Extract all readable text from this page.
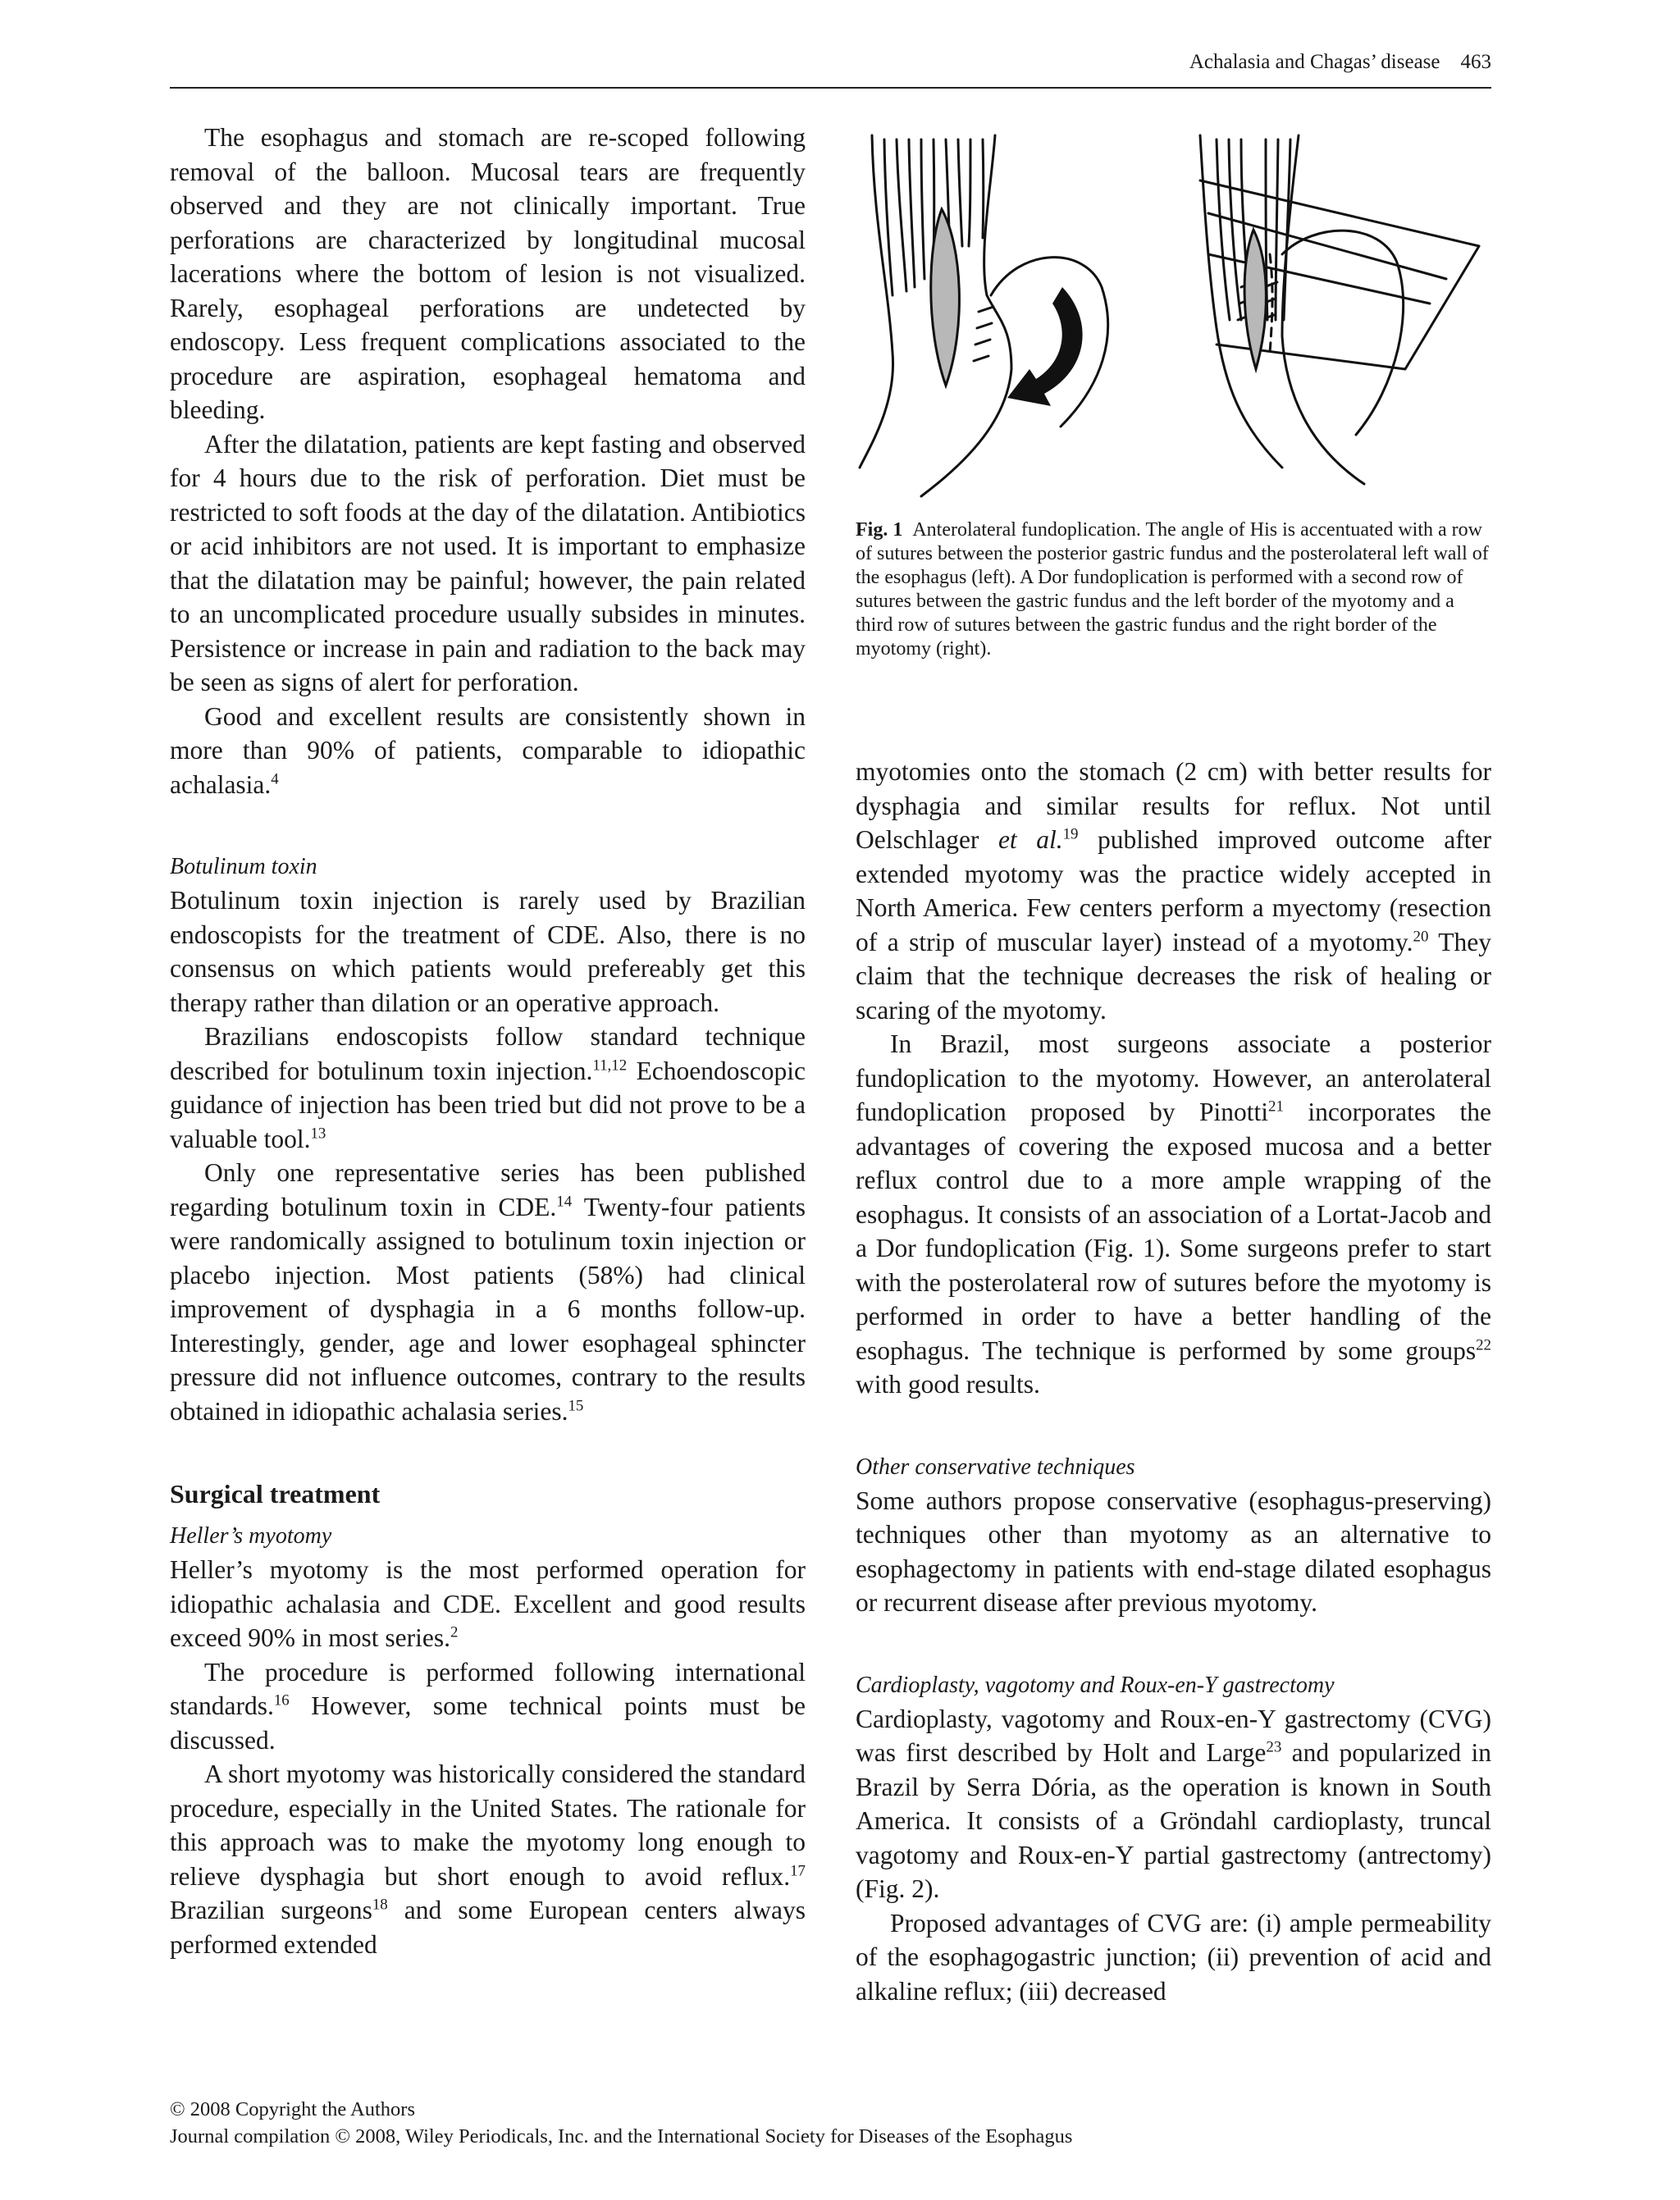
Achalasia and Chagas’ disease 463

The esophagus and stomach are re-scoped following removal of the balloon. Mucosal tears are frequently observed and they are not clinically important. True perforations are characterized by longitudinal mucosal lacerations where the bottom of lesion is not visualized. Rarely, esophageal perforations are undetected by endoscopy. Less frequent complications associated to the procedure are aspiration, esophageal hematoma and bleeding.

After the dilatation, patients are kept fasting and observed for 4 hours due to the risk of perforation. Diet must be restricted to soft foods at the day of the dilatation. Antibiotics or acid inhibitors are not used. It is important to emphasize that the dilatation may be painful; however, the pain related to an uncomplicated procedure usually subsides in minutes. Persistence or increase in pain and radiation to the back may be seen as signs of alert for perforation.

Good and excellent results are consistently shown in more than 90% of patients, comparable to idiopathic achalasia.$^4$

Botulinum toxin

Botulinum toxin injection is rarely used by Brazilian endoscopists for the treatment of CDE. Also, there is no consensus on which patients would prefereably get this therapy rather than dilation or an operative approach.

Brazilians endoscopists follow standard technique described for botulinum toxin injection.$^{11,12}$ Echoendoscopic guidance of injection has been tried but did not prove to be a valuable tool.$^{13}$

Only one representative series has been published regarding botulinum toxin in CDE.$^{14}$ Twenty-four patients were randomically assigned to botulinum toxin injection or placebo injection. Most patients (58%) had clinical improvement of dysphagia in a 6 months follow-up. Interestingly, gender, age and lower esophageal sphincter pressure did not influence outcomes, contrary to the results obtained in idiopathic achalasia series.$^{15}$

Surgical treatment

Heller’s myotomy

Heller’s myotomy is the most performed operation for idiopathic achalasia and CDE. Excellent and good results exceed 90% in most series.$^2$

The procedure is performed following international standards.$^{16}$ However, some technical points must be discussed.

A short myotomy was historically considered the standard procedure, especially in the United States. The rationale for this approach was to make the myotomy long enough to relieve dysphagia but short enough to avoid reflux.$^{17}$ Brazilian surgeons$^{18}$ and some European centers always performed extended

Fig. 1 Anterolateral fundoplication. The angle of His is accentuated with a row of sutures between the posterior gastric fundus and the posterolateral left wall of the esophagus (left). A Dor fundoplication is performed with a second row of sutures between the gastric fundus and the left border of the myotomy and a third row of sutures between the gastric fundus and the right border of the myotomy (right).

myotomies onto the stomach (2 cm) with better results for dysphagia and similar results for reflux. Not until Oelschlager et al.$^{19}$ published improved outcome after extended myotomy was the practice widely accepted in North America. Few centers perform a myectomy (resection of a strip of muscular layer) instead of a myotomy.$^{20}$ They claim that the technique decreases the risk of healing or scaring of the myotomy.

In Brazil, most surgeons associate a posterior fundoplication to the myotomy. However, an anterolateral fundoplication proposed by Pinotti$^{21}$ incorporates the advantages of covering the exposed mucosa and a better reflux control due to a more ample wrapping of the esophagus. It consists of an association of a Lortat-Jacob and a Dor fundoplication (Fig. 1). Some surgeons prefer to start with the posterolateral row of sutures before the myotomy is performed in order to have a better handling of the esophagus. The technique is performed by some groups$^{22}$ with good results.

Other conservative techniques

Some authors propose conservative (esophagus-preserving) techniques other than myotomy as an alternative to esophagectomy in patients with end-stage dilated esophagus or recurrent disease after previous myotomy.

Cardioplasty, vagotomy and Roux-en-Y gastrectomy

Cardioplasty, vagotomy and Roux-en-Y gastrectomy (CVG) was first described by Holt and Large$^{23}$ and popularized in Brazil by Serra Dória, as the operation is known in South America. It consists of a Gröndahl cardioplasty, truncal vagotomy and Roux-en-Y partial gastrectomy (antrectomy) (Fig. 2).

Proposed advantages of CVG are: (i) ample permeability of the esophagogastric junction; (ii) prevention of acid and alkaline reflux; (iii) decreased

© 2008 Copyright the Authors
Journal compilation © 2008, Wiley Periodicals, Inc. and the International Society for Diseases of the Esophagus
